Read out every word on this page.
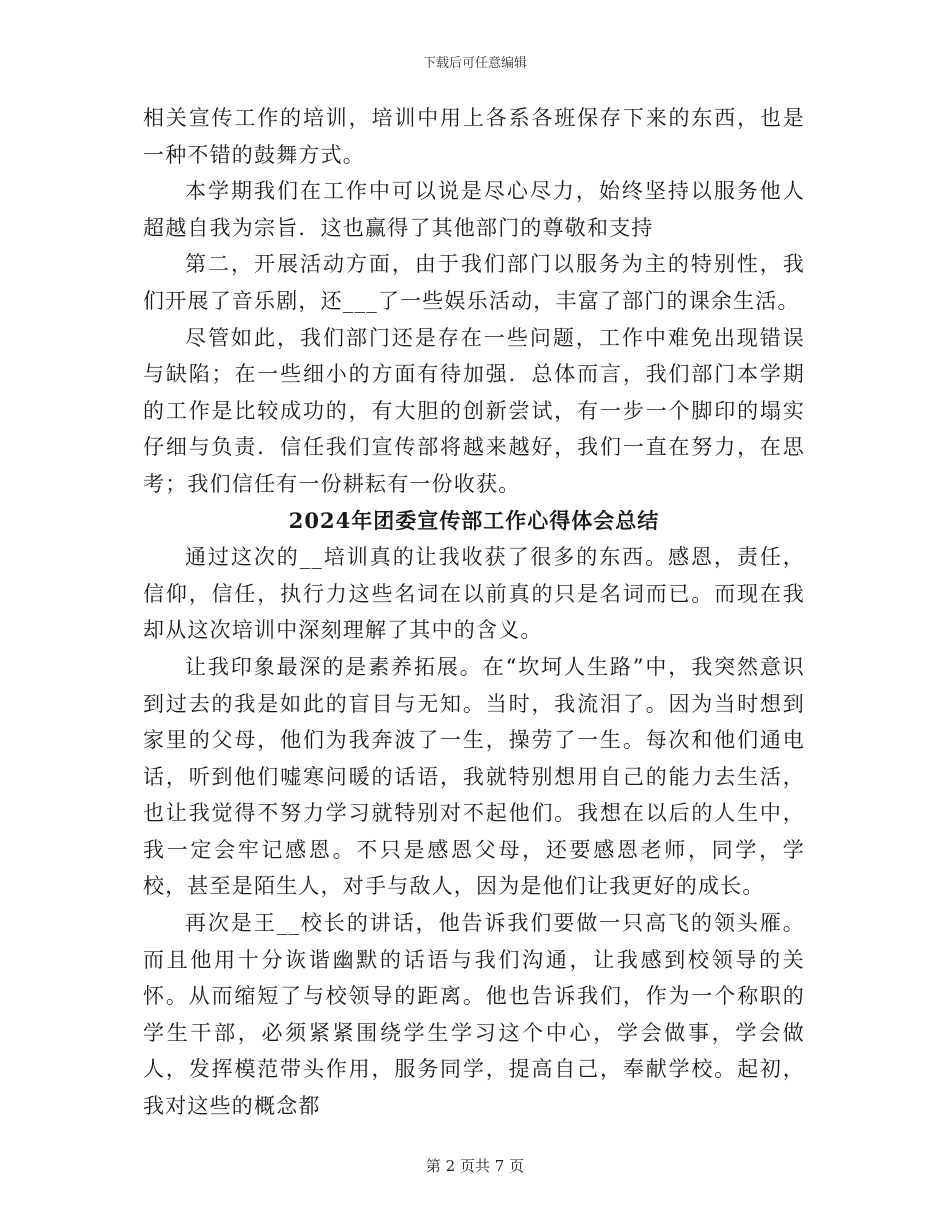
下载后可任意编辑

相关宣传工作的培训，培训中用上各系各班保存下来的东西，也是一种不错的鼓舞方式。

本学期我们在工作中可以说是尽心尽力，始终坚持以服务他人超越自我为宗旨．这也赢得了其他部门的尊敬和支持

第二，开展活动方面，由于我们部门以服务为主的特别性，我们开展了音乐剧，还___了一些娱乐活动，丰富了部门的课余生活。

尽管如此，我们部门还是存在一些问题，工作中难免出现错误与缺陷；在一些细小的方面有待加强．总体而言，我们部门本学期的工作是比较成功的，有大胆的创新尝试，有一步一个脚印的塌实仔细与负责．信任我们宣传部将越来越好，我们一直在努力，在思考；我们信任有一份耕耘有一份收获。

2024年团委宣传部工作心得体会总结

通过这次的__培训真的让我收获了很多的东西。感恩，责任，信仰，信任，执行力这些名词在以前真的只是名词而已。而现在我却从这次培训中深刻理解了其中的含义。

让我印象最深的是素养拓展。在“坎坷人生路”中，我突然意识到过去的我是如此的盲目与无知。当时，我流泪了。因为当时想到家里的父母，他们为我奔波了一生，操劳了一生。每次和他们通电话，听到他们嘘寒问暖的话语，我就特别想用自己的能力去生活，也让我觉得不努力学习就特别对不起他们。我想在以后的人生中，我一定会牢记感恩。不只是感恩父母，还要感恩老师，同学，学校，甚至是陌生人，对手与敌人，因为是他们让我更好的成长。

再次是王__校长的讲话，他告诉我们要做一只高飞的领头雁。而且他用十分诙谐幽默的话语与我们沟通，让我感到校领导的关怀。从而缩短了与校领导的距离。他也告诉我们，作为一个称职的学生干部，必须紧紧围绕学生学习这个中心，学会做事，学会做人，发挥模范带头作用，服务同学，提高自己，奉献学校。起初，我对这些的概念都

第 2 页共 7 页
